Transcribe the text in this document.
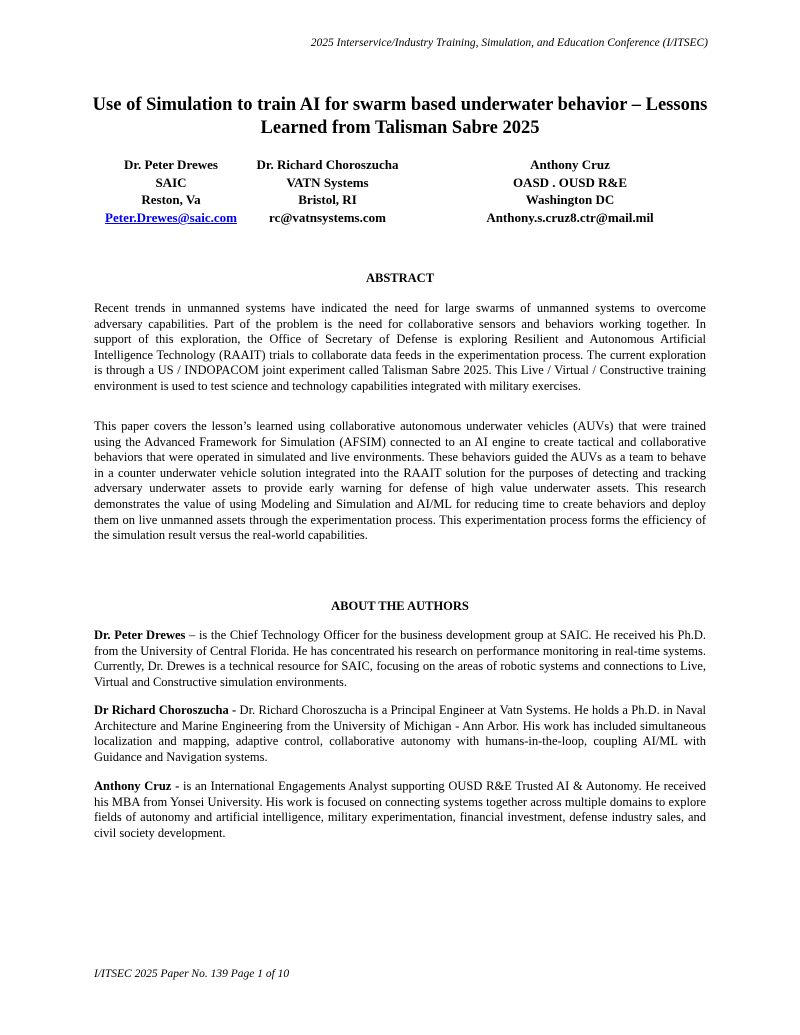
2025 Interservice/Industry Training, Simulation, and Education Conference (I/ITSEC)
Use of Simulation to train AI for swarm based underwater behavior – Lessons Learned from Talisman Sabre 2025
Dr. Peter Drewes
SAIC
Reston, Va
Peter.Drewes@saic.com
Dr. Richard Choroszucha
VATN Systems
Bristol, RI
rc@vatnsystems.com
Anthony Cruz
OASD . OUSD R&E
Washington DC
Anthony.s.cruz8.ctr@mail.mil
ABSTRACT
Recent trends in unmanned systems have indicated the need for large swarms of unmanned systems to overcome adversary capabilities. Part of the problem is the need for collaborative sensors and behaviors working together. In support of this exploration, the Office of Secretary of Defense is exploring Resilient and Autonomous Artificial Intelligence Technology (RAAIT) trials to collaborate data feeds in the experimentation process. The current exploration is through a US / INDOPACOM joint experiment called Talisman Sabre 2025. This Live / Virtual / Constructive training environment is used to test science and technology capabilities integrated with military exercises.
This paper covers the lesson’s learned using collaborative autonomous underwater vehicles (AUVs) that were trained using the Advanced Framework for Simulation (AFSIM) connected to an AI engine to create tactical and collaborative behaviors that were operated in simulated and live environments. These behaviors guided the AUVs as a team to behave in a counter underwater vehicle solution integrated into the RAAIT solution for the purposes of detecting and tracking adversary underwater assets to provide early warning for defense of high value underwater assets. This research demonstrates the value of using Modeling and Simulation and AI/ML for reducing time to create behaviors and deploy them on live unmanned assets through the experimentation process. This experimentation process forms the efficiency of the simulation result versus the real-world capabilities.
ABOUT THE AUTHORS
Dr. Peter Drewes – is the Chief Technology Officer for the business development group at SAIC. He received his Ph.D. from the University of Central Florida. He has concentrated his research on performance monitoring in real-time systems. Currently, Dr. Drewes is a technical resource for SAIC, focusing on the areas of robotic systems and connections to Live, Virtual and Constructive simulation environments.
Dr Richard Choroszucha - Dr. Richard Choroszucha is a Principal Engineer at Vatn Systems. He holds a Ph.D. in Naval Architecture and Marine Engineering from the University of Michigan - Ann Arbor. His work has included simultaneous localization and mapping, adaptive control, collaborative autonomy with humans-in-the-loop, coupling AI/ML with Guidance and Navigation systems.
Anthony Cruz - is an International Engagements Analyst supporting OUSD R&E Trusted AI & Autonomy. He received his MBA from Yonsei University. His work is focused on connecting systems together across multiple domains to explore fields of autonomy and artificial intelligence, military experimentation, financial investment, defense industry sales, and civil society development.
I/ITSEC 2025 Paper No. 139 Page 1 of 10
